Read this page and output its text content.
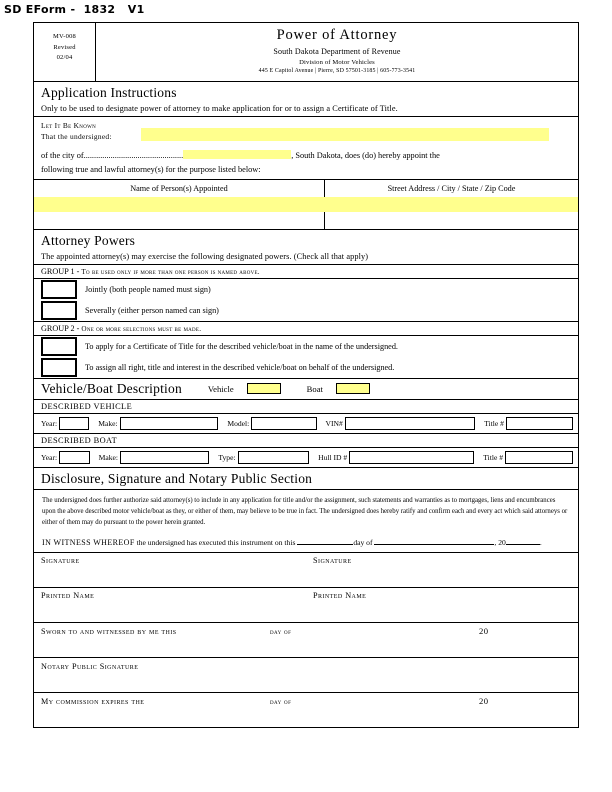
SD EForm -  1832   V1
MV-008
Revised
02/04
Power of Attorney
South Dakota Department of Revenue
Division of Motor Vehicles
445 E Capitol Avenue | Pierre, SD 57501-3185 | 605-773-3541
Application Instructions
Only to be used to designate power of attorney to make application for or to assign a Certificate of Title.
Let It Be Known
That the undersigned:
of the city of................................................	, South Dakota, does (do) hereby appoint the
following true and lawful attorney(s) for the purpose listed below:
Name of Person(s) Appointed	Street Address / City / State / Zip Code
Attorney Powers
The appointed attorney(s) may exercise the following designated powers. (Check all that apply)
GROUP 1 - To be used only if more than one person is named above.
Jointly (both people named must sign)
Severally (either person named can sign)
GROUP 2 - One or more selections must be made.
To apply for a Certificate of Title for the described vehicle/boat in the name of the undersigned.
To assign all right, title and interest in the described vehicle/boat on behalf of the undersigned.
Vehicle/Boat Description	Vehicle	Boat
DESCRIBED VEHICLE
Year:	Make:	Model:	VIN#	Title #
DESCRIBED BOAT
Year:	Make:	Type:	Hull ID #	Title #
Disclosure, Signature and Notary Public Section
The undersigned does further authorize said attorney(s) to include in any application for title and/or the assignment, such statements and warranties as to mortgages, liens and encumbrances upon the above described motor vehicle/boat as they, or either of them, may believe to be true in fact. The undersigned does hereby ratify and confirm each and every act which said attorneys or either of them may do pursuant to the power herein granted.
IN WITNESS WHEREOF the undersigned has executed this instrument on this	day of	, 20	.
Signature	Signature
Printed Name	Printed Name
Sworn to and witnessed by me this	day of	20
Notary Public Signature
My commission expires the	day of	20
